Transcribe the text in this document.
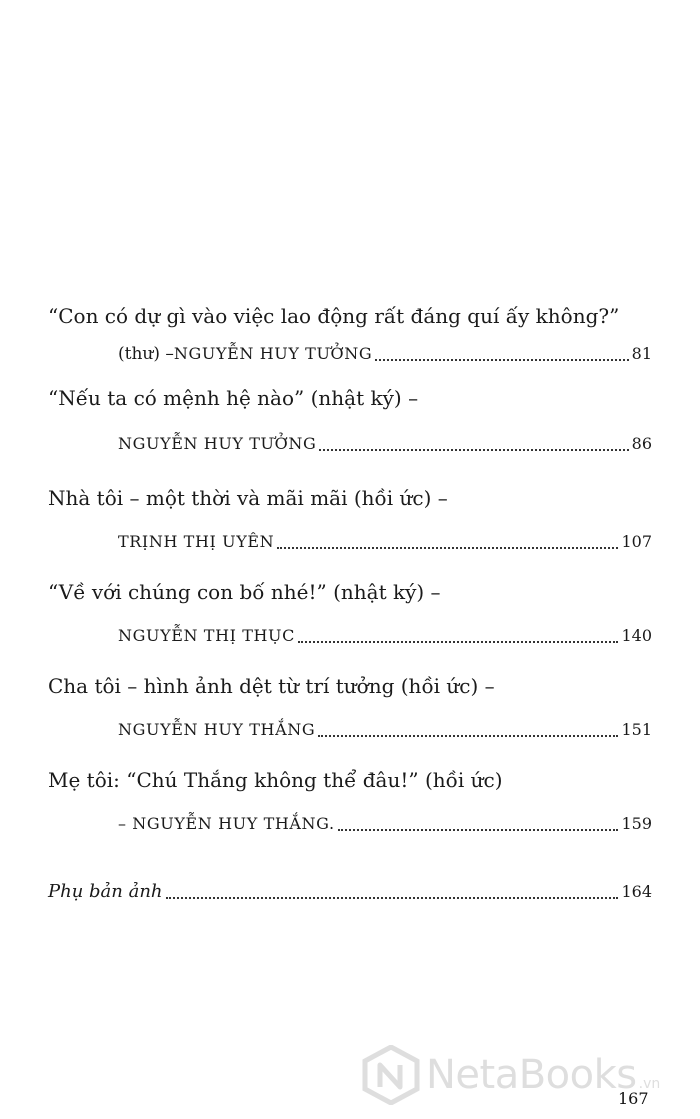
“Con có dự gì vào việc lao động rất đáng quí ấy không?”
(thư) – NGUYỄN HUY TƯỞNG	81
“Nếu ta có mệnh hệ nào” (nhật ký) –
NGUYỄN HUY TƯỞNG	86
Nhà tôi – một thời và mãi mãi (hồi ức) –
TRỊNH THỊ UYÊN	107
“Về với chúng con bố nhé!” (nhật ký) –
NGUYỄN THỊ THỤC	140
Cha tôi – hình ảnh dệt từ trí tưởng (hồi ức) –
NGUYỄN HUY THẮNG	151
Mẹ tôi: “Chú Thắng không thể đâu!” (hồi ức)
– NGUYỄN HUY THẮNG.	159
Phụ bản ảnh	164
NetaBooks .vn
167
